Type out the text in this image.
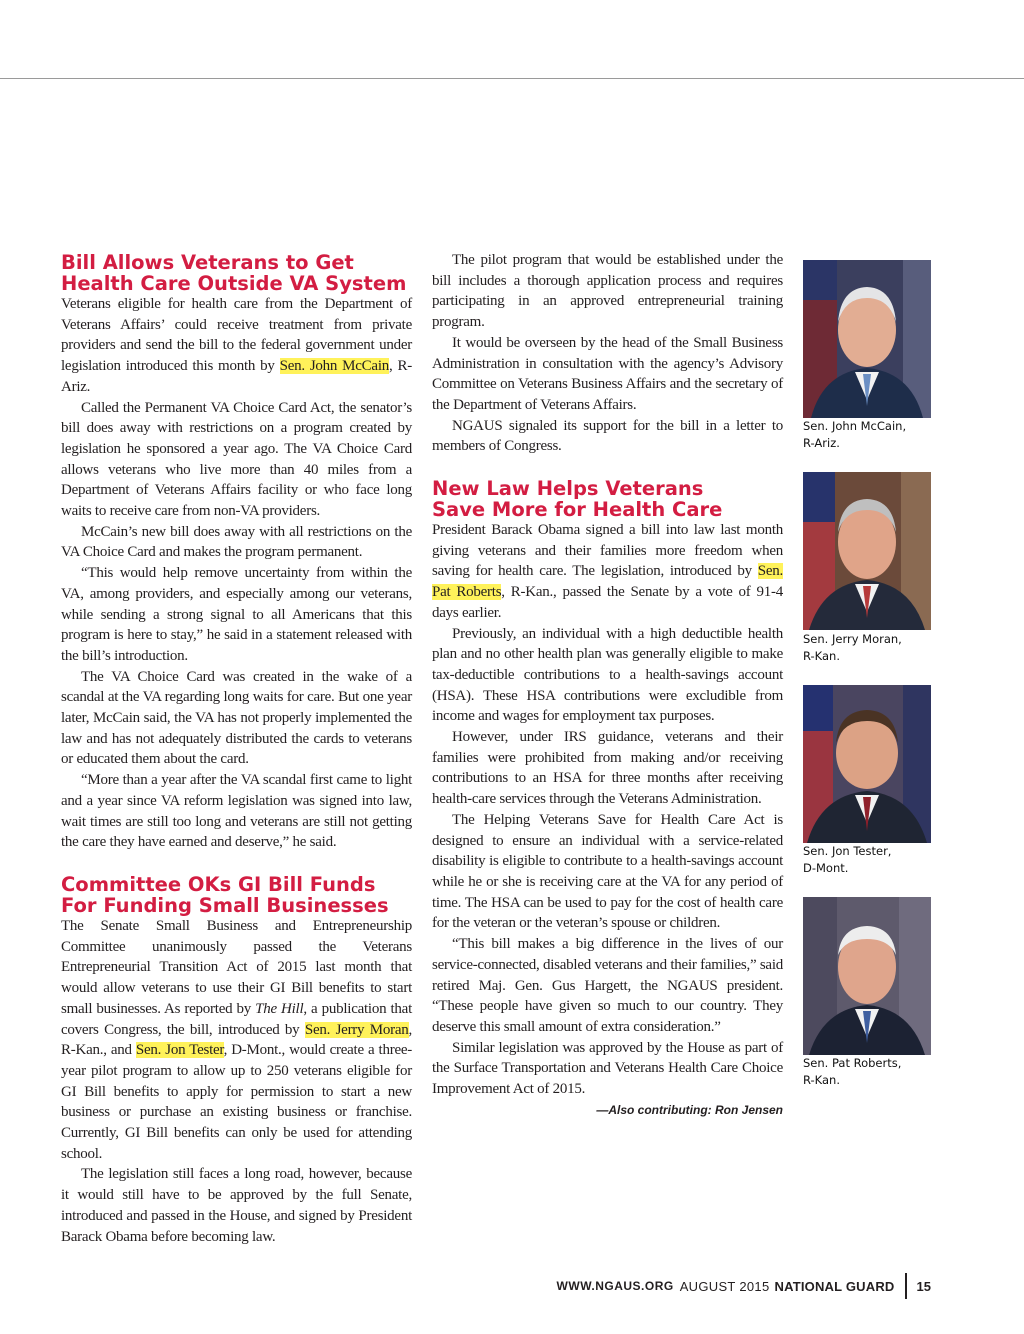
Bill Allows Veterans to Get
Health Care Outside VA System

Veterans eligible for health care from the Department of Veterans Affairs’ could receive treatment from private providers and send the bill to the federal government under legislation introduced this month by Sen. John McCain, R-Ariz.

Called the Permanent VA Choice Card Act, the senator’s bill does away with restrictions on a program created by legislation he sponsored a year ago. The VA Choice Card allows veterans who live more than 40 miles from a Department of Veterans Affairs facility or who face long waits to receive care from non-VA providers.

McCain’s new bill does away with all restrictions on the VA Choice Card and makes the program permanent.

“This would help remove uncertainty from within the VA, among providers, and especially among our veterans, while sending a strong signal to all Americans that this program is here to stay,” he said in a statement released with the bill’s introduction.

The VA Choice Card was created in the wake of a scandal at the VA regarding long waits for care. But one year later, McCain said, the VA has not properly implemented the law and has not adequately distributed the cards to veterans or educated them about the card.

“More than a year after the VA scandal first came to light and a year since VA reform legislation was signed into law, wait times are still too long and veterans are still not getting the care they have earned and deserve,” he said.

Committee OKs GI Bill Funds
For Funding Small Businesses

The Senate Small Business and Entrepreneurship Committee unanimously passed the Veterans Entrepreneurial Transition Act of 2015 last month that would allow veterans to use their GI Bill benefits to start small businesses. As reported by The Hill, a publication that covers Congress, the bill, introduced by Sen. Jerry Moran, R-Kan., and Sen. Jon Tester, D-Mont., would create a three-year pilot program to allow up to 250 veterans eligible for GI Bill benefits to apply for permission to start a new business or purchase an existing business or franchise. Currently, GI Bill benefits can only be used for attending school.

The legislation still faces a long road, however, because it would still have to be approved by the full Senate, introduced and passed in the House, and signed by President Barack Obama before becoming law.

The pilot program that would be established under the bill includes a thorough application process and requires participating in an approved entrepreneurial training program.

It would be overseen by the head of the Small Business Administration in consultation with the agency’s Advisory Committee on Veterans Business Affairs and the secretary of the Department of Veterans Affairs.

NGAUS signaled its support for the bill in a letter to members of Congress.

New Law Helps Veterans
Save More for Health Care

President Barack Obama signed a bill into law last month giving veterans and their families more freedom when saving for health care. The legislation, introduced by Sen. Pat Roberts, R-Kan., passed the Senate by a vote of 91-4 days earlier.

Previously, an individual with a high deductible health plan and no other health plan was generally eligible to make tax-deductible contributions to a health-savings account (HSA). These HSA contributions were excludible from income and wages for employment tax purposes.

However, under IRS guidance, veterans and their families were prohibited from making and/or receiving contributions to an HSA for three months after receiving health-care services through the Veterans Administration.

The Helping Veterans Save for Health Care Act is designed to ensure an individual with a service-related disability is eligible to contribute to a health-savings account while he or she is receiving care at the VA for any period of time. The HSA can be used to pay for the cost of health care for the veteran or the veteran’s spouse or children.

“This bill makes a big difference in the lives of our service-connected, disabled veterans and their families,” said retired Maj. Gen. Gus Hargett, the NGAUS president. “These people have given so much to our country. They deserve this small amount of extra consideration.”

Similar legislation was approved by the House as part of the Surface Transportation and Veterans Health Care Choice Improvement Act of 2015.

—Also contributing: Ron Jensen
Sen. John McCain,
R-Ariz.
Sen. Jerry Moran,
R-Kan.
Sen. Jon Tester,
D-Mont.
Sen. Pat Roberts,
R-Kan.
WWW.NGAUS.ORG AUGUST 2015 NATIONAL GUARD 15
